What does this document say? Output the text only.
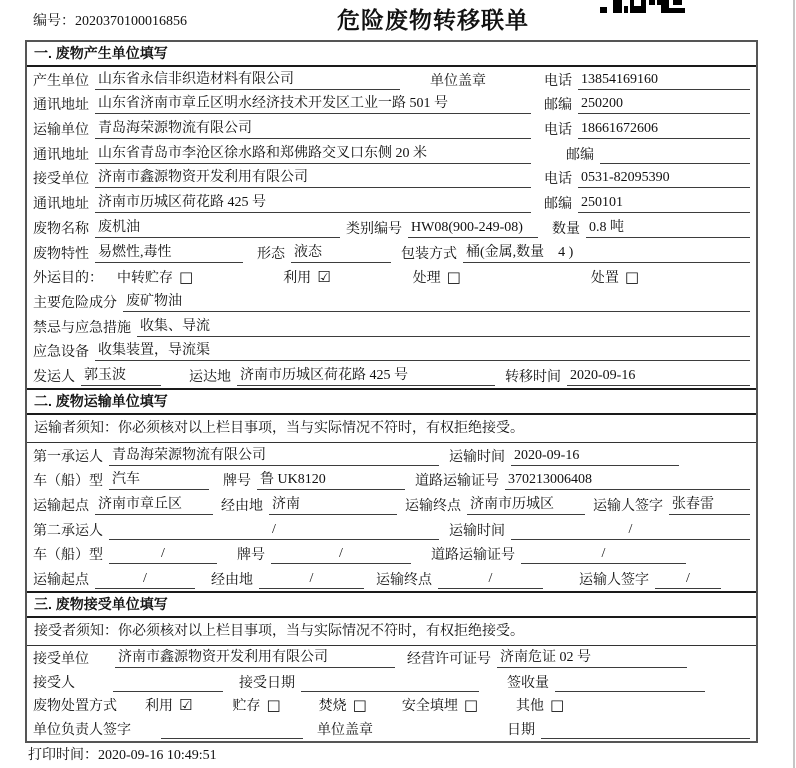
编号：2020370100016856	危险废物转移联单
一. 废物产生单位填写
产生单位 山东省永信非织造材料有限公司	单位盖章	电话 13854169160
通讯地址 山东省济南市章丘区明水经济技术开发区工业一路 501 号	邮编 250200
运输单位 青岛海荣源物流有限公司	电话 18661672606
通讯地址 山东省青岛市李沧区徐水路和郑佛路交叉口东侧 20 米	邮编
接受单位 济南市鑫源物资开发利用有限公司	电话 0531-82095390
通讯地址 济南市历城区荷花路 425 号	邮编 250101
废物名称 废机油	类别编号 HW08(900-249-08)	数量 0.8 吨
废物特性 易燃性,毒性	形态 液态	包装方式 桶(金属,数量　4 )
外运目的： 中转贮存 □	利用 ☑	处理 □	处置 □
主要危险成分 废矿物油
禁忌与应急措施 收集、导流
应急设备 收集装置，导流渠
发运人 郭玉波	运达地 济南市历城区荷花路 425 号	转移时间 2020-09-16
二. 废物运输单位填写
运输者须知：你必须核对以上栏目事项，当与实际情况不符时，有权拒绝接受。
第一承运人 青岛海荣源物流有限公司	运输时间 2020-09-16
车（船）型 汽车	牌号 鲁 UK8120	道路运输证号 370213006408
运输起点 济南市章丘区	经由地 济南	运输终点 济南市历城区	运输人签字 张春雷
第二承运人	/	运输时间	/
车（船）型	/	牌号	/	道路运输证号	/
运输起点	/	经由地	/	运输终点	/	运输人签字	/
三. 废物接受单位填写
接受者须知：你必须核对以上栏目事项，当与实际情况不符时，有权拒绝接受。
接受单位 济南市鑫源物资开发利用有限公司	经营许可证号 济南危证 02 号
接受人	接受日期	签收量
废物处置方式 利用 ☑	贮存 □	焚烧 □	安全填埋 □	其他 □
单位负责人签字	单位盖章	日期
打印时间：2020-09-16 10:49:51
